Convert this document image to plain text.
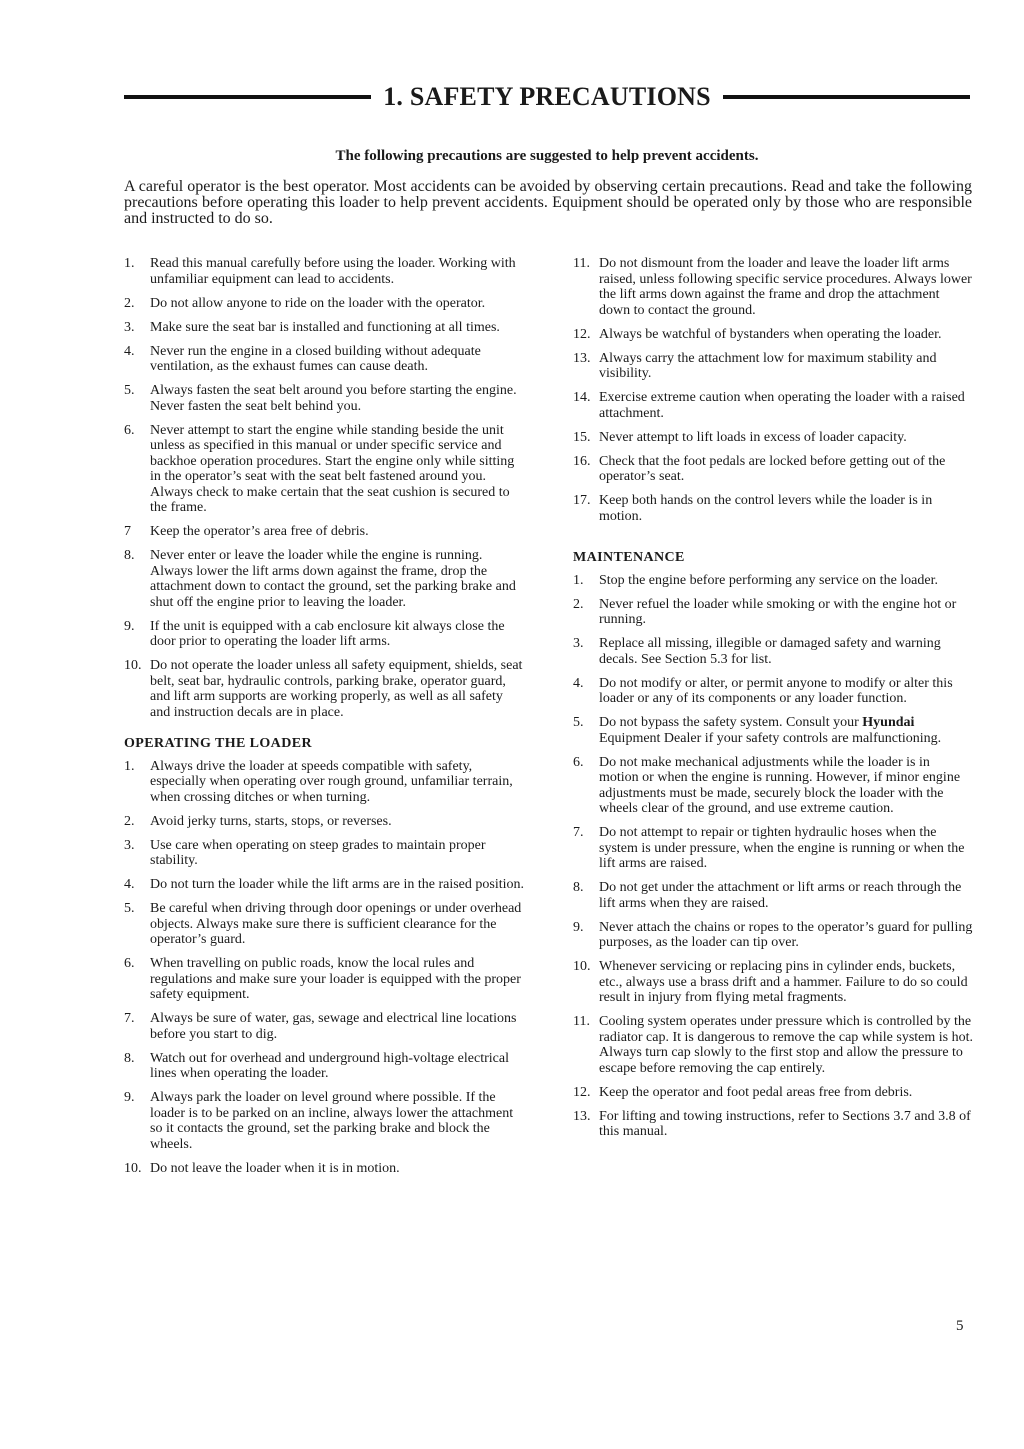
1. SAFETY PRECAUTIONS
The following precautions are suggested to help prevent accidents.
A careful operator is the best operator. Most accidents can be avoided by observing certain precautions. Read and take the following precautions before operating this loader to help prevent accidents. Equipment should be operated only by those who are responsible and instructed to do so.
1.	Read this manual carefully before using the loader. Working with unfamiliar equipment can lead to accidents.
2.	Do not allow anyone to ride on the loader with the operator.
3.	Make sure the seat bar is installed and functioning at all times.
4.	Never run the engine in a closed building without adequate ventilation, as the exhaust fumes can cause death.
5.	Always fasten the seat belt around you before starting the engine. Never fasten the seat belt behind you.
6.	Never attempt to start the engine while standing beside the unit unless as specified in this manual or under specific service and backhoe operation procedures. Start the engine only while sitting in the operator’s seat with the seat belt fastened around you. Always check to make certain that the seat cushion is secured to the frame.
7	Keep the operator’s area free of debris.
8.	Never enter or leave the loader while the engine is running. Always lower the lift arms down against the frame, drop the attachment down to contact the ground, set the parking brake and shut off the engine prior to leaving the loader.
9.	If the unit is equipped with a cab enclosure kit always close the door prior to operating the loader lift arms.
10. Do not operate the loader unless all safety equipment, shields, seat belt, seat bar, hydraulic controls, parking brake, operator guard, and lift arm supports are working properly, as well as all safety and instruction decals are in place.
OPERATING THE LOADER
1.	Always drive the loader at speeds compatible with safety, especially when operating over rough ground, unfamiliar terrain, when crossing ditches or when turning.
2.	Avoid jerky turns, starts, stops, or reverses.
3.	Use care when operating on steep grades to maintain proper stability.
4.	Do not turn the loader while the lift arms are in the raised position.
5.	Be careful when driving through door openings or under overhead objects. Always make sure there is sufficient clearance for the operator’s guard.
6.	When travelling on public roads, know the local rules and regulations and make sure your loader is equipped with the proper safety equipment.
7.	Always be sure of water, gas, sewage and electrical line locations before you start to dig.
8.	Watch out for overhead and underground high-voltage electrical lines when operating the loader.
9.	Always park the loader on level ground where possible. If the loader is to be parked on an incline, always lower the attachment so it contacts the ground, set the parking brake and block the wheels.
10. Do not leave the loader when it is in motion.
11. Do not dismount from the loader and leave the loader lift arms raised, unless following specific service procedures. Always lower the lift arms down against the frame and drop the attachment down to contact the ground.
12. Always be watchful of bystanders when operating the loader.
13. Always carry the attachment low for maximum stability and visibility.
14. Exercise extreme caution when operating the loader with a raised attachment.
15. Never attempt to lift loads in excess of loader capacity.
16. Check that the foot pedals are locked before getting out of the operator’s seat.
17. Keep both hands on the control levers while the loader is in motion.
MAINTENANCE
1.	Stop the engine before performing any service on the loader.
2.	Never refuel the loader while smoking or with the engine hot or running.
3.	Replace all missing, illegible or damaged safety and warning decals. See Section 5.3 for list.
4.	Do not modify or alter, or permit anyone to modify or alter this loader or any of its components or any loader function.
5.	Do not bypass the safety system. Consult your Hyundai Equipment Dealer if your safety controls are malfunctioning.
6.	Do not make mechanical adjustments while the loader is in motion or when the engine is running. However, if minor engine adjustments must be made, securely block the loader with the wheels clear of the ground, and use extreme caution.
7.	Do not attempt to repair or tighten hydraulic hoses when the system is under pressure, when the engine is running or when the lift arms are raised.
8.	Do not get under the attachment or lift arms or reach through the lift arms when they are raised.
9.	Never attach the chains or ropes to the operator’s guard for pulling purposes, as the loader can tip over.
10. Whenever servicing or replacing pins in cylinder ends, buckets, etc., always use a brass drift and a hammer. Failure to do so could result in injury from flying metal fragments.
11. Cooling system operates under pressure which is controlled by the radiator cap. It is dangerous to remove the cap while system is hot. Always turn cap slowly to the first stop and allow the pressure to escape before removing the cap entirely.
12. Keep the operator and foot pedal areas free from debris.
13. For lifting and towing instructions, refer to Sections 3.7 and 3.8 of this manual.
5
